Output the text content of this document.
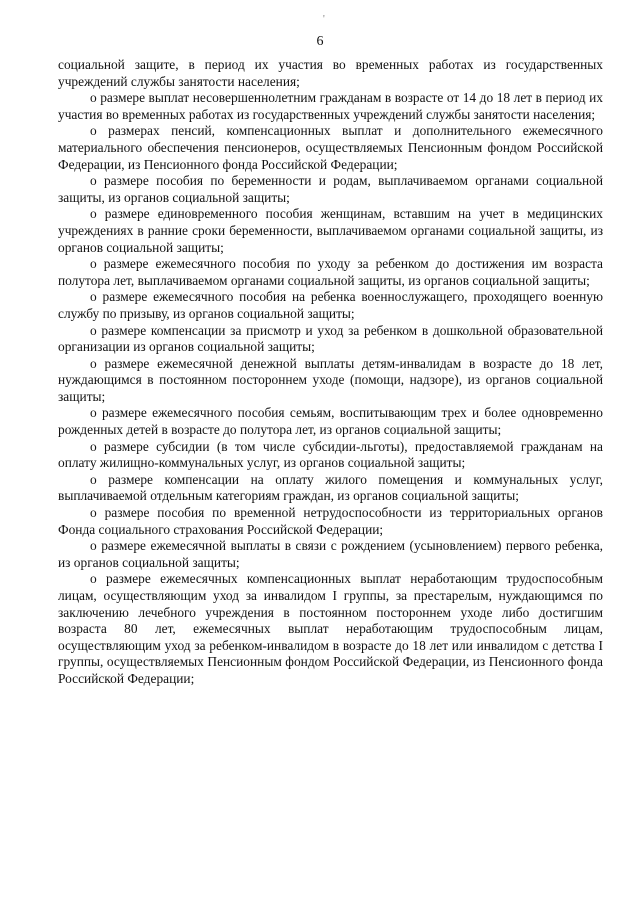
'
6

социальной защите, в период их участия во временных работах из государственных учреждений службы занятости населения;

о размере выплат несовершеннолетним гражданам в возрасте от 14 до 18 лет в период их участия во временных работах из государственных учреждений службы занятости населения;

о размерах пенсий, компенсационных выплат и дополнительного ежемесячного материального обеспечения пенсионеров, осуществляемых Пенсионным фондом Российской Федерации, из Пенсионного фонда Российской Федерации;

о размере пособия по беременности и родам, выплачиваемом органами социальной защиты, из органов социальной защиты;

о размере единовременного пособия женщинам, вставшим на учет в медицинских учреждениях в ранние сроки беременности, выплачиваемом органами социальной защиты, из органов социальной защиты;

о размере ежемесячного пособия по уходу за ребенком до достижения им возраста полутора лет, выплачиваемом органами социальной защиты, из органов социальной защиты;

о размере ежемесячного пособия на ребенка военнослужащего, проходящего военную службу по призыву, из органов социальной защиты;

о размере компенсации за присмотр и уход за ребенком в дошкольной образовательной организации из органов социальной защиты;

о размере ежемесячной денежной выплаты детям-инвалидам в возрасте до 18 лет, нуждающимся в постоянном постороннем уходе (помощи, надзоре), из органов социальной защиты;

о размере ежемесячного пособия семьям, воспитывающим трех и более одновременно рожденных детей в возрасте до полутора лет, из органов социальной защиты;

о размере субсидии (в том числе субсидии-льготы), предоставляемой гражданам на оплату жилищно-коммунальных услуг, из органов социальной защиты;

о размере компенсации на оплату жилого помещения и коммунальных услуг, выплачиваемой отдельным категориям граждан, из органов социальной защиты;

о размере пособия по временной нетрудоспособности из территориальных органов Фонда социального страхования Российской Федерации;

о размере ежемесячной выплаты в связи с рождением (усыновлением) первого ребенка, из органов социальной защиты;

о размере ежемесячных компенсационных выплат неработающим трудоспособным лицам, осуществляющим уход за инвалидом I группы, за престарелым, нуждающимся по заключению лечебного учреждения в постоянном постороннем уходе либо достигшим возраста 80 лет, ежемесячных выплат неработающим трудоспособным лицам, осуществляющим уход за ребенком-инвалидом в возрасте до 18 лет или инвалидом с детства I группы, осуществляемых Пенсионным фондом Российской Федерации, из Пенсионного фонда Российской Федерации;
